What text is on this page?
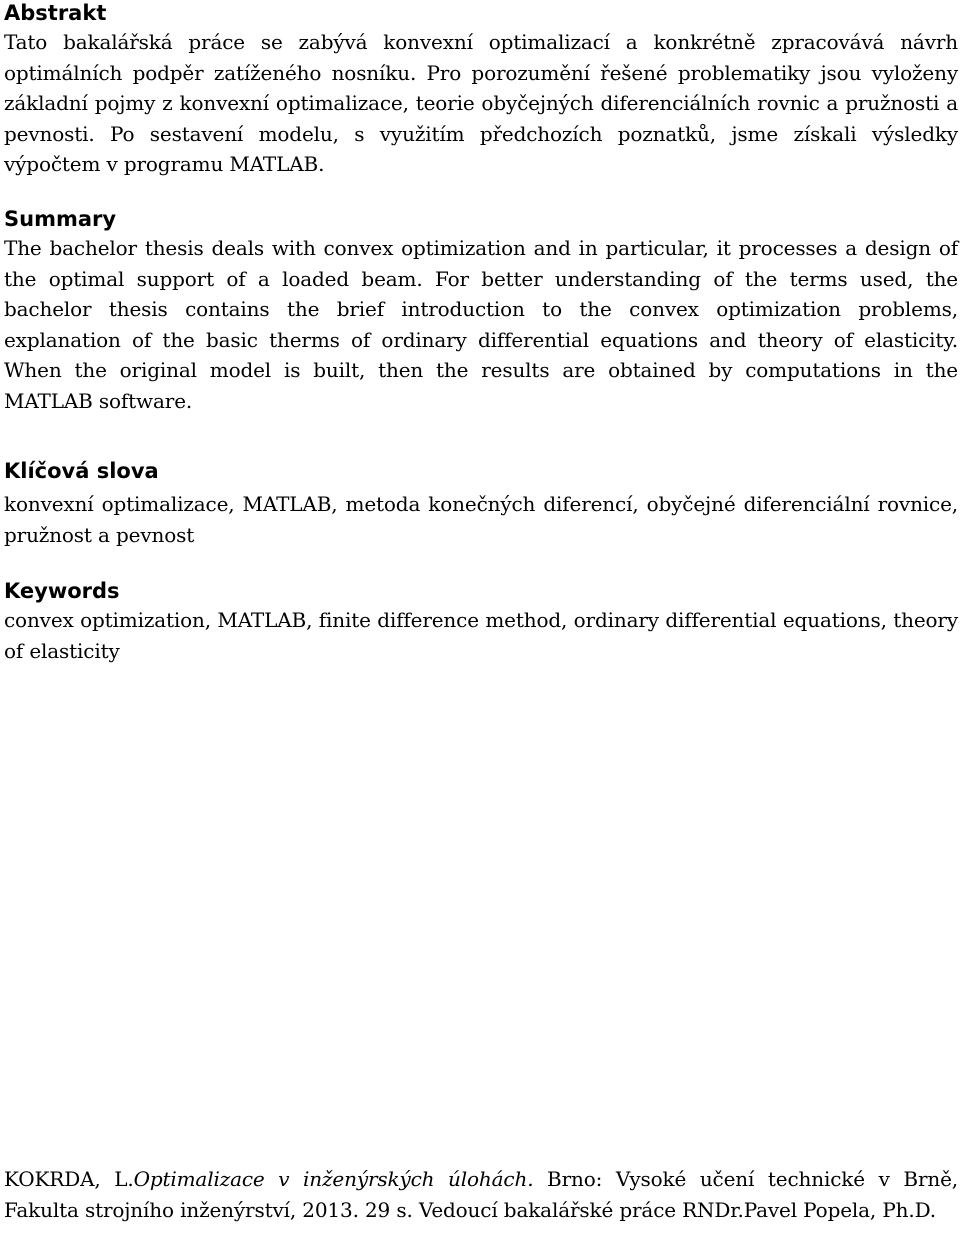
Abstrakt

Tato bakalářská práce se zabývá konvexní optimalizací a konkrétně zpracovává návrh optimálních podpěr zatíženého nosníku. Pro porozumění řešené problematiky jsou vyloženy základní pojmy z konvexní optimalizace, teorie obyčejných diferenciálních rovnic a pružnosti a pevnosti. Po sestavení modelu, s využitím předchozích poznatků, jsme získali výsledky výpočtem v programu MATLAB.

Summary

The bachelor thesis deals with convex optimization and in particular, it processes a design of the optimal support of a loaded beam. For better understanding of the terms used, the bachelor thesis contains the brief introduction to the convex optimization problems, explanation of the basic therms of ordinary differential equations and theory of elasticity. When the original model is built, then the results are obtained by computations in the MATLAB software.

Klíčová slova

konvexní optimalizace, MATLAB, metoda konečných diferencí, obyčejné diferenciální rovnice, pružnost a pevnost

Keywords

convex optimization, MATLAB, finite difference method, ordinary differential equations, theory of elasticity

KOKRDA, L.Optimalizace v inženýrských úlohách. Brno: Vysoké učení technické v Brně, Fakulta strojního inženýrství, 2013. 29 s. Vedoucí bakalářské práce RNDr.Pavel Popela, Ph.D.
